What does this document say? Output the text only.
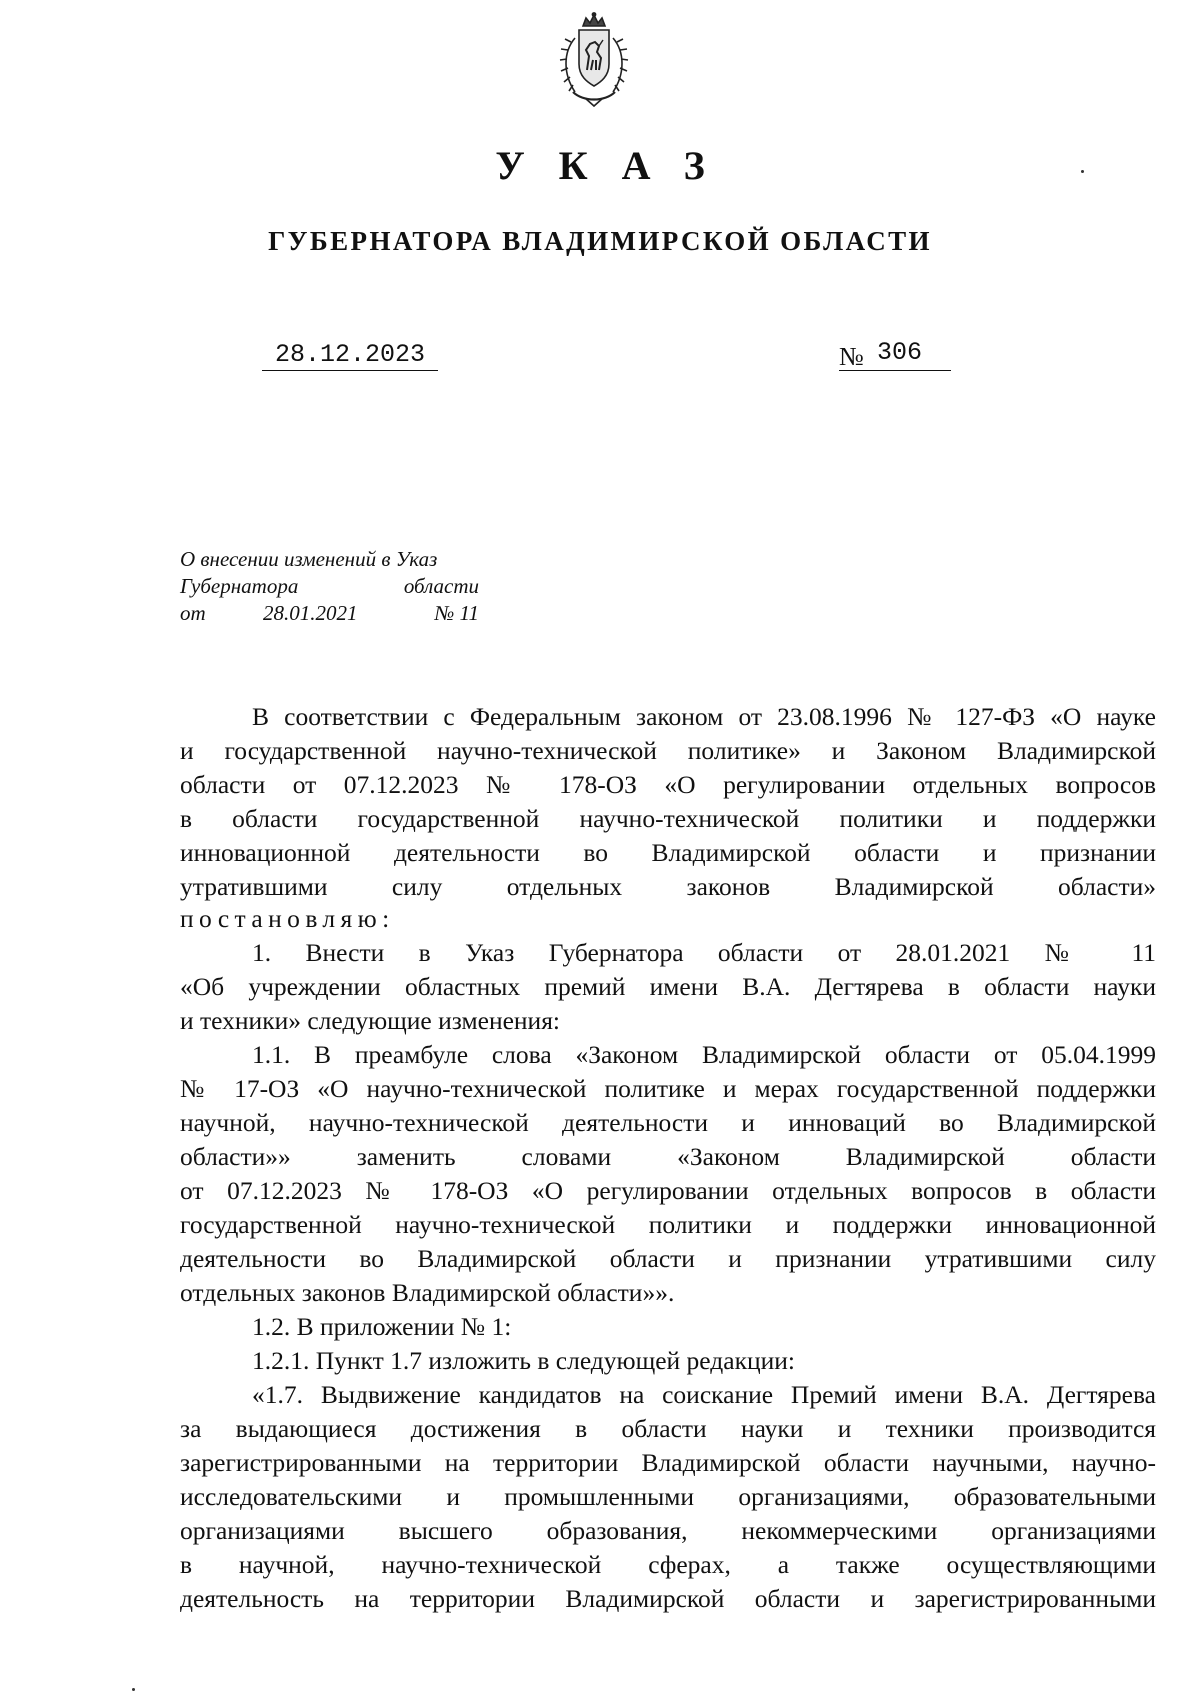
УКАЗ
ГУБЕРНАТОРА ВЛАДИМИРСКОЙ ОБЛАСТИ
28.12.2023	№ 306
О внесении изменений в Указ
Губернатора	области
от	28.01.2021	№ 11
В соответствии с Федеральным законом от 23.08.1996 № 127-ФЗ «О науке
и государственной научно-технической политике» и Законом Владимирской
области от 07.12.2023 № 178-ОЗ «О регулировании отдельных вопросов
в области государственной научно-технической политики и поддержки
инновационной деятельности во Владимирской области и признании
утратившими силу отдельных законов Владимирской области»
постановляю:
1. Внести в Указ Губернатора области от 28.01.2021 № 11
«Об учреждении областных премий имени В.А. Дегтярева в области науки
и техники» следующие изменения:
1.1. В преамбуле слова «Законом Владимирской области от 05.04.1999
№ 17-ОЗ «О научно-технической политике и мерах государственной поддержки
научной, научно-технической деятельности и инноваций во Владимирской
области»» заменить словами «Законом Владимирской области
от 07.12.2023 № 178-ОЗ «О регулировании отдельных вопросов в области
государственной научно-технической политики и поддержки инновационной
деятельности во Владимирской области и признании утратившими силу
отдельных законов Владимирской области»».
1.2. В приложении № 1:
1.2.1. Пункт 1.7 изложить в следующей редакции:
«1.7. Выдвижение кандидатов на соискание Премий имени В.А. Дегтярева
за выдающиеся достижения в области науки и техники производится
зарегистрированными на территории Владимирской области научными, научно-
исследовательскими и промышленными организациями, образовательными
организациями высшего образования, некоммерческими организациями
в научной, научно-технической сферах, а также осуществляющими
деятельность на территории Владимирской области и зарегистрированными
